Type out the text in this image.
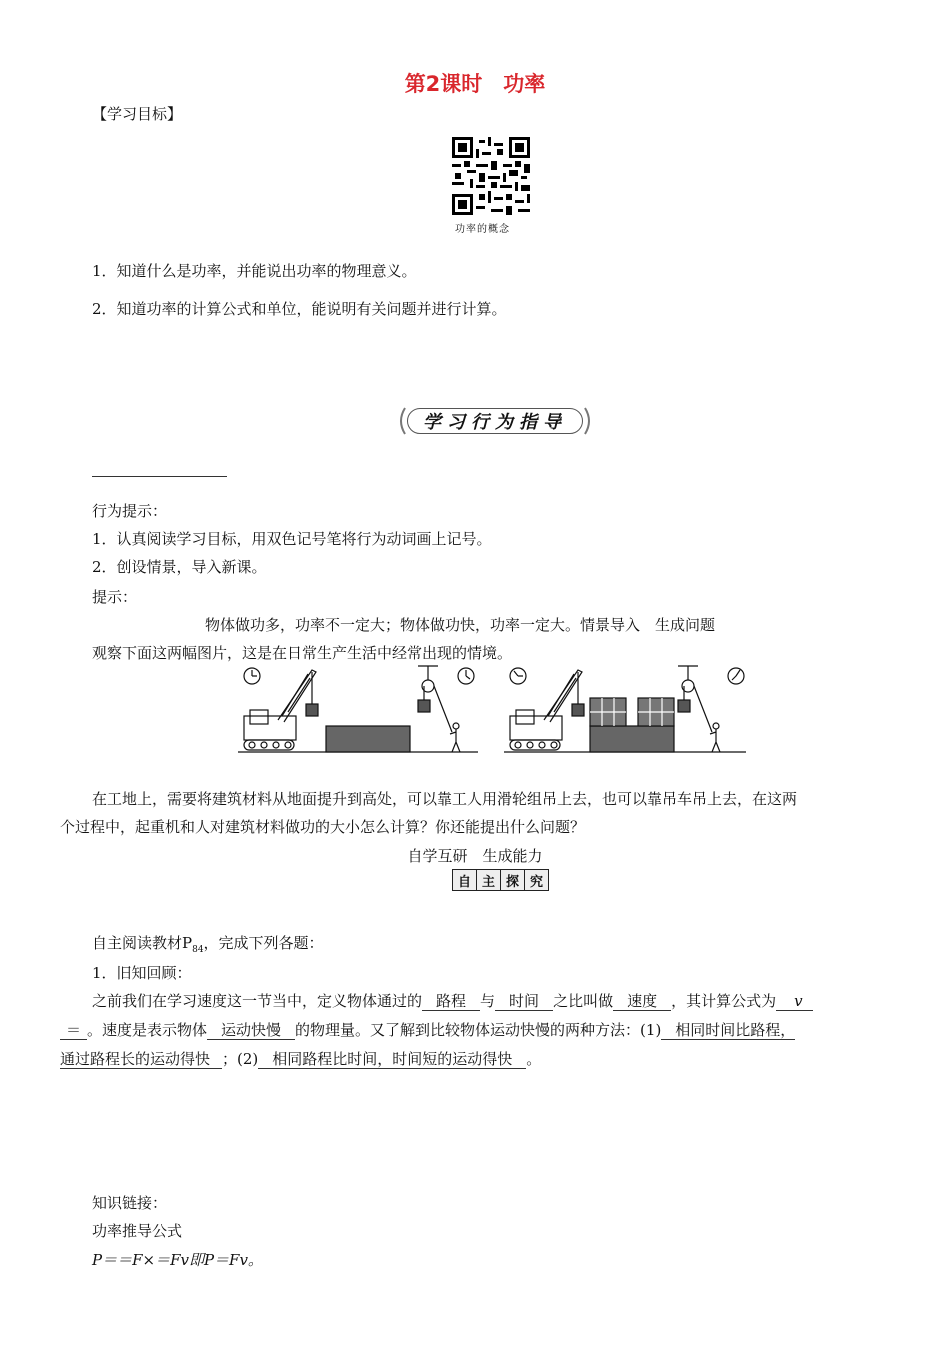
第2课时　功率
【学习目标】
功率的概念
1．知道什么是功率，并能说出功率的物理意义。
2．知道功率的计算公式和单位，能说明有关问题并进行计算。
学习行为指导
行为提示：
1．认真阅读学习目标，用双色记号笔将行为动词画上记号。
2．创设情景，导入新课。
提示：
物体做功多，功率不一定大；物体做功快，功率一定大。情景导入　生成问题
观察下面这两幅图片，这是在日常生产生活中经常出现的情境。
在工地上，需要将建筑材料从地面提升到高处，可以靠工人用滑轮组吊上去，也可以靠吊车吊上去，在这两
个过程中，起重机和人对建筑材料做功的大小怎么计算？你还能提出什么问题？
自学互研　生成能力
自 主 探 究
自主阅读教材$P_{84}$，完成下列各题：
1．旧知回顾：
之前我们在学习速度这一节当中，定义物体通过的 路程 与 时间 之比叫做 速度 ，其计算公式为 v
＝ 。速度是表示物体 运动快慢 的物理量。又了解到比较物体运动快慢的两种方法：(1) 相同时间比路程，
通过路程长的运动得快 ；(2) 相同路程比时间，时间短的运动得快 。
知识链接：
功率推导公式
P＝＝F×＝Fv即P＝Fv。
